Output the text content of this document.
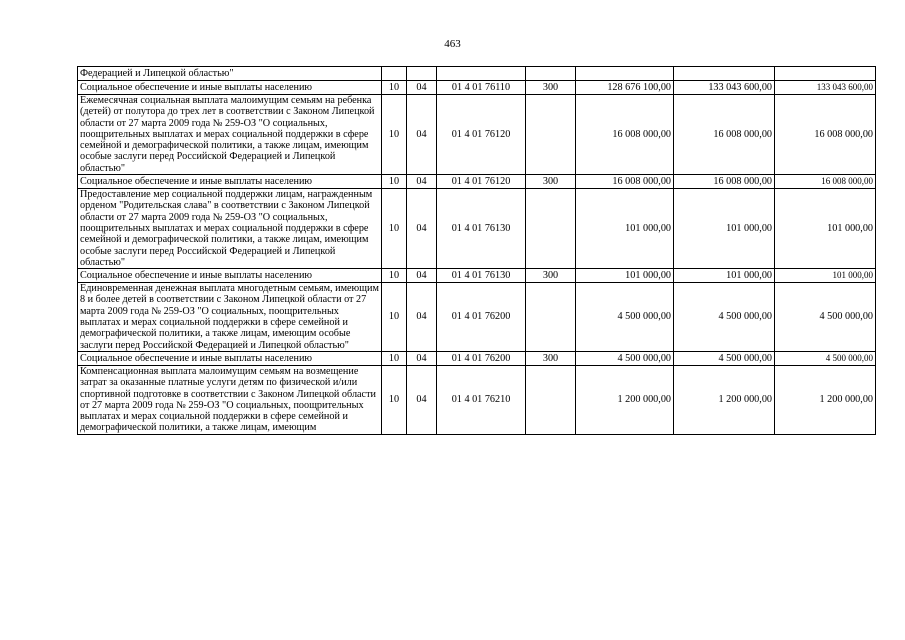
463
Федерацией и Липецкой областью"							
Социальное обеспечение и иные выплаты населению	10	04	01 4 01 76110	300	128 676 100,00	133 043 600,00	133 043 600,00
Ежемесячная социальная выплата малоимущим семьям на ребенка (детей) от полутора до трех лет в соответствии с Законом Липецкой области от 27 марта 2009 года № 259-ОЗ "О социальных, поощрительных выплатах и мерах социальной поддержки в сфере семейной и демографической политики, а также лицам, имеющим особые заслуги перед Российской Федерацией и Липецкой областью"	10	04	01 4 01 76120		16 008 000,00	16 008 000,00	16 008 000,00
Социальное обеспечение и иные выплаты населению	10	04	01 4 01 76120	300	16 008 000,00	16 008 000,00	16 008 000,00
Предоставление мер социальной поддержки лицам, награжденным орденом "Родительская слава" в соответствии с Законом Липецкой области от 27 марта 2009 года № 259-ОЗ "О социальных, поощрительных выплатах и мерах социальной поддержки в сфере семейной и демографической политики, а также лицам, имеющим особые заслуги перед Российской Федерацией и Липецкой областью"	10	04	01 4 01 76130		101 000,00	101 000,00	101 000,00
Социальное обеспечение и иные выплаты населению	10	04	01 4 01 76130	300	101 000,00	101 000,00	101 000,00
Единовременная денежная выплата многодетным семьям, имеющим 8 и более детей в соответствии с Законом Липецкой области от 27 марта 2009 года № 259-ОЗ "О социальных, поощрительных выплатах и мерах социальной поддержки в сфере семейной и демографической политики, а также лицам, имеющим особые заслуги перед Российской Федерацией и Липецкой областью"	10	04	01 4 01 76200		4 500 000,00	4 500 000,00	4 500 000,00
Социальное обеспечение и иные выплаты населению	10	04	01 4 01 76200	300	4 500 000,00	4 500 000,00	4 500 000,00
Компенсационная выплата малоимущим семьям на возмещение затрат за оказанные платные услуги детям по физической и/или спортивной подготовке в соответствии с Законом Липецкой области от 27 марта 2009 года № 259-ОЗ "О социальных, поощрительных выплатах и мерах социальной поддержки в сфере семейной и демографической политики, а также лицам, имеющим	10	04	01 4 01 76210		1 200 000,00	1 200 000,00	1 200 000,00
